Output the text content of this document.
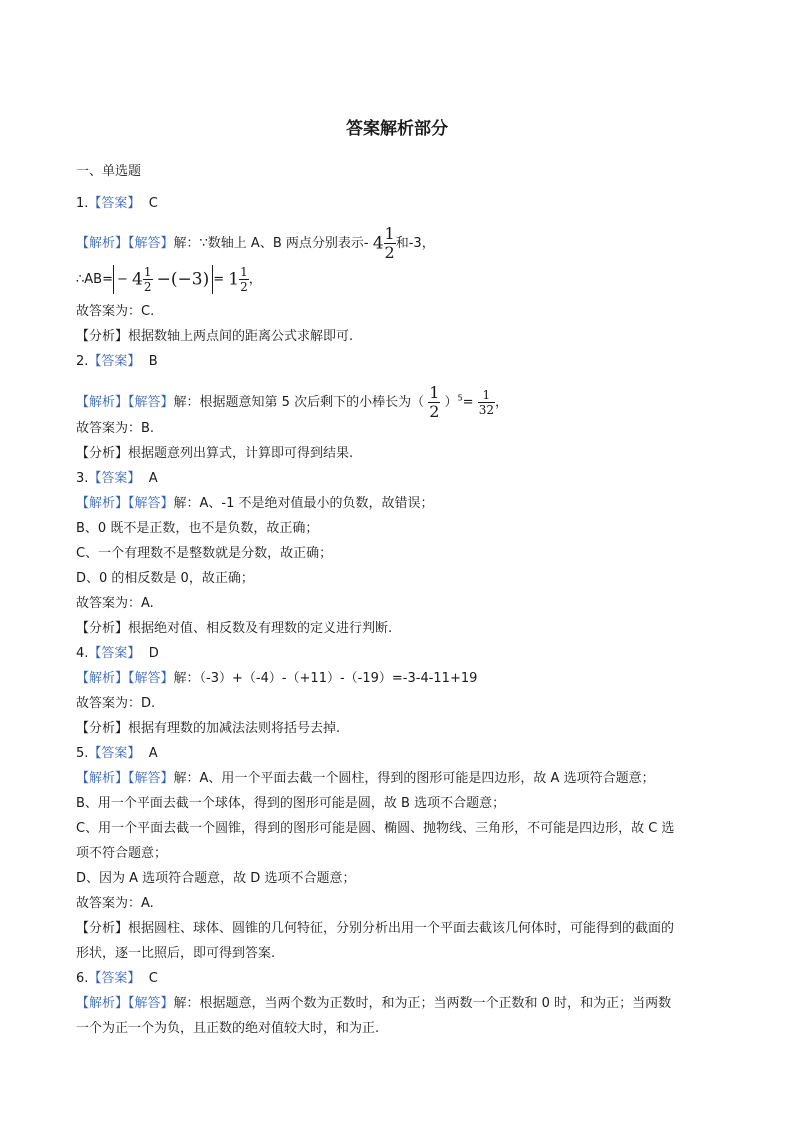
答案解析部分
一、单选题
1.【答案】 C
【解析】【解答】解：∵数轴上 A、B 两点分别表示- $4 \frac{1}{2}$ 和-3，
∴AB= − $4 \frac{1}{2} -(-3) = 1 \frac{1}{2}$ ，
故答案为：C.
【分析】根据数轴上两点间的距离公式求解即可.
2.【答案】 B
【解析】【解答】解：根据题意知第 5 次后剩下的小棒长为（ $\frac{1}{2} )^5= \frac{1}{32}$ ，
故答案为：B.
【分析】根据题意列出算式，计算即可得到结果.
3.【答案】 A
【解析】【解答】解：A、-1 不是绝对值最小的负数，故错误；
B、0 既不是正数，也不是负数，故正确；
C、一个有理数不是整数就是分数，故正确；
D、0 的相反数是 0，故正确；
故答案为：A.
【分析】根据绝对值、相反数及有理数的定义进行判断.
4.【答案】 D
【解析】【解答】解：（-3）+（-4）-（+11）-（-19）=-3-4-11+19
故答案为：D.
【分析】根据有理数的加减法法则将括号去掉.
5.【答案】 A
【解析】【解答】解：A、用一个平面去截一个圆柱，得到的图形可能是四边形，故 A 选项符合题意；
B、用一个平面去截一个球体，得到的图形可能是圆，故 B 选项不合题意；
C、用一个平面去截一个圆锥，得到的图形可能是圆、椭圆、抛物线、三角形，不可能是四边形，故 C 选
项不符合题意；
D、因为 A 选项符合题意，故 D 选项不合题意；
故答案为：A.
【分析】根据圆柱、球体、圆锥的几何特征，分别分析出用一个平面去截该几何体时，可能得到的截面的
形状，逐一比照后，即可得到答案.
6.【答案】 C
【解析】【解答】解：根据题意，当两个数为正数时，和为正；当两数一个正数和 0 时，和为正；当两数
一个为正一个为负，且正数的绝对值较大时，和为正.
